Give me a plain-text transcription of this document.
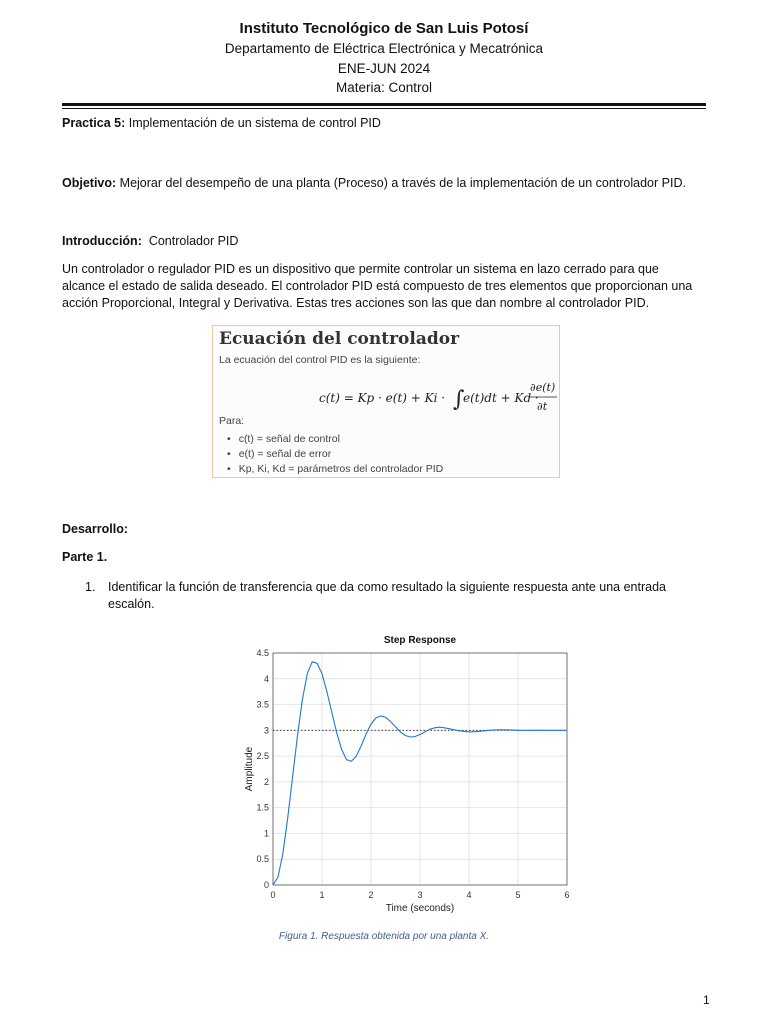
Instituto Tecnológico de San Luis Potosí
Departamento de Eléctrica Electrónica y Mecatrónica
ENE-JUN 2024
Materia: Control
Practica 5: Implementación de un sistema de control PID
Objetivo: Mejorar del desempeño de una planta (Proceso) a través de la implementación de un controlador PID.
Introducción: Controlador PID
Un controlador o regulador PID es un dispositivo que permite controlar un sistema en lazo cerrado para que
alcance el estado de salida deseado. El controlador PID está compuesto de tres elementos que proporcionan una
acción Proporcional, Integral y Derivativa. Estas tres acciones son las que dan nombre al controlador PID.
Ecuación del controlador
La ecuación del control PID es la siguiente:
c(t) = Kp · e(t) + Ki · ∫
e(t)dt + Kd ·
∂e(t)
∂t
Para:
• c(t) = señal de control
• e(t) = señal de error
• Kp, Ki, Kd = parámetros del controlador PID
Desarrollo:
Parte 1.
1. Identificar la función de transferencia que da como resultado la siguiente respuesta ante una entrada
escalón.
0	1	2	3	4	5	6
0
0.5
1
1.5
2
2.5
3
3.5
4
4.5
Step Response
Time (seconds)
Amplitude
Figura 1. Respuesta obtenida por una planta X.
1
